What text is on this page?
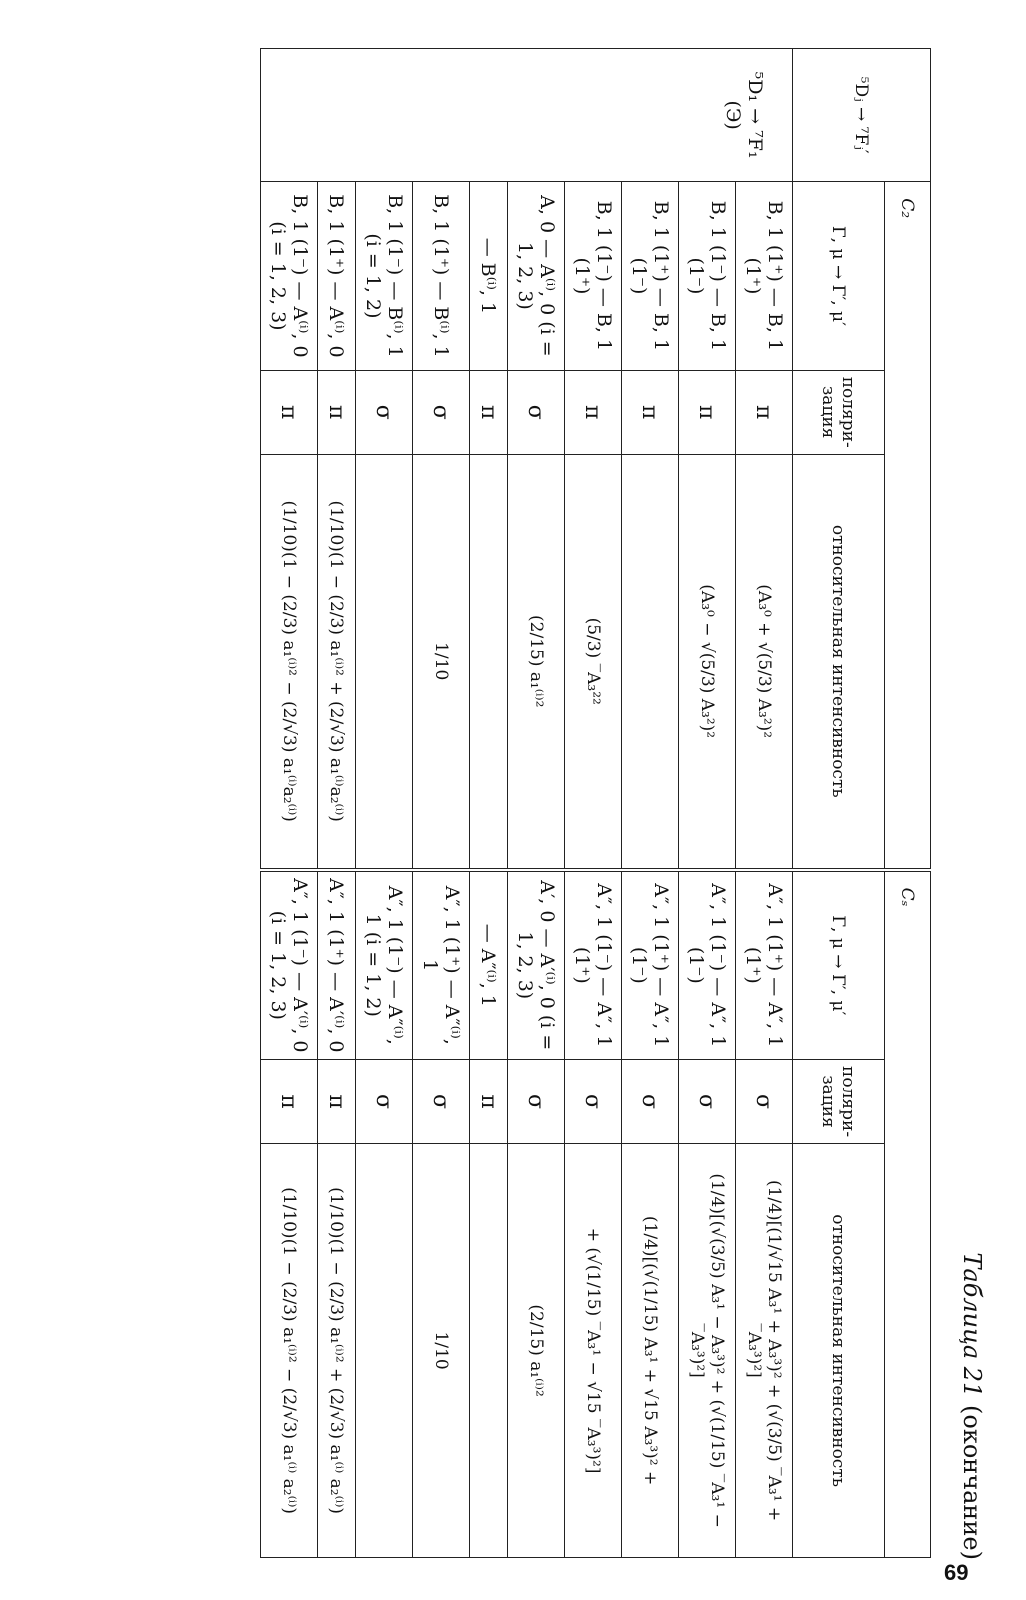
Таблица 21 (окончание)
⁵Dⱼ → ⁷Fⱼ′	C₂			Cₛ		
	Γ, μ → Γ′, μ′	поляри-зация	относительная интенсивность	Γ, μ → Γ′, μ′	поляри-зация	относительная интенсивность

⁵D₁ → ⁷F₁
(Э)	B, 1 (1⁺) — B, 1 (1⁺)	π	(A₃⁰ + √(5/3) A₃²)²	A″, 1 (1⁺) — A″, 1 (1⁺)	σ	(1/4)[(1/√15 A₃¹ + A₃³)² + (√(3/5) ‾A₃¹ + ‾A₃³)²]
	B, 1 (1⁻) — B, 1 (1⁻)	π	(A₃⁰ − √(5/3) A₃²)²	A″, 1 (1⁻) — A″, 1 (1⁻)	σ	(1/4)[(√(3/5) A₃¹ − A₃³)² + (√(1/15) ‾A₃¹ − ‾A₃³)²]
	B, 1 (1⁺) — B, 1 (1⁻)	π		A″, 1 (1⁺) — A″, 1 (1⁻)	σ	(1/4)[(√(1/15) A₃¹ + √15 A₃³)² +
	B, 1 (1⁻) — B, 1 (1⁺)	π	(5/3) ‾A₃²²	A″, 1 (1⁻) — A″, 1 (1⁺)	σ	+ (√(1/15) ‾A₃¹ − √15 ‾A₃³)²]
	A, 0 — A⁽ⁱ⁾, 0 (i = 1, 2, 3)	σ	(2/15) a₁⁽ⁱ⁾²	A′, 0 — A′⁽ⁱ⁾, 0 (i = 1, 2, 3)	σ	(2/15) a₁⁽ⁱ⁾²
	— B⁽ⁱ⁾, 1	π		— A″⁽ⁱ⁾, 1	π	
	B, 1 (1⁺) — B⁽ⁱ⁾, 1	σ	1/10	A″, 1 (1⁺) — A″⁽ⁱ⁾, 1	σ	1/10
	B, 1 (1⁻) — B⁽ⁱ⁾, 1 (i = 1, 2)	σ		A″, 1 (1⁻) — A″⁽ⁱ⁾, 1 (i = 1, 2)	σ	
	B, 1 (1⁺) — A⁽ⁱ⁾, 0	π	(1/10)(1 − (2/3) a₁⁽ⁱ⁾² + (2/√3) a₁⁽ⁱ⁾a₂⁽ⁱ⁾)	A″, 1 (1⁺) — A′⁽ⁱ⁾, 0	π	(1/10)(1 − (2/3) a₁⁽ⁱ⁾² + (2/√3) a₁⁽ⁱ⁾ a₂⁽ⁱ⁾)
	B, 1 (1⁻) — A⁽ⁱ⁾, 0 (i = 1, 2, 3)	π	(1/10)(1 − (2/3) a₁⁽ⁱ⁾² − (2/√3) a₁⁽ⁱ⁾a₂⁽ⁱ⁾)	A″, 1 (1⁻) — A′⁽ⁱ⁾, 0 (i = 1, 2, 3)	π	(1/10)(1 − (2/3) a₁⁽ⁱ⁾² − (2/√3) a₁⁽ⁱ⁾ a₂⁽ⁱ⁾)
69
